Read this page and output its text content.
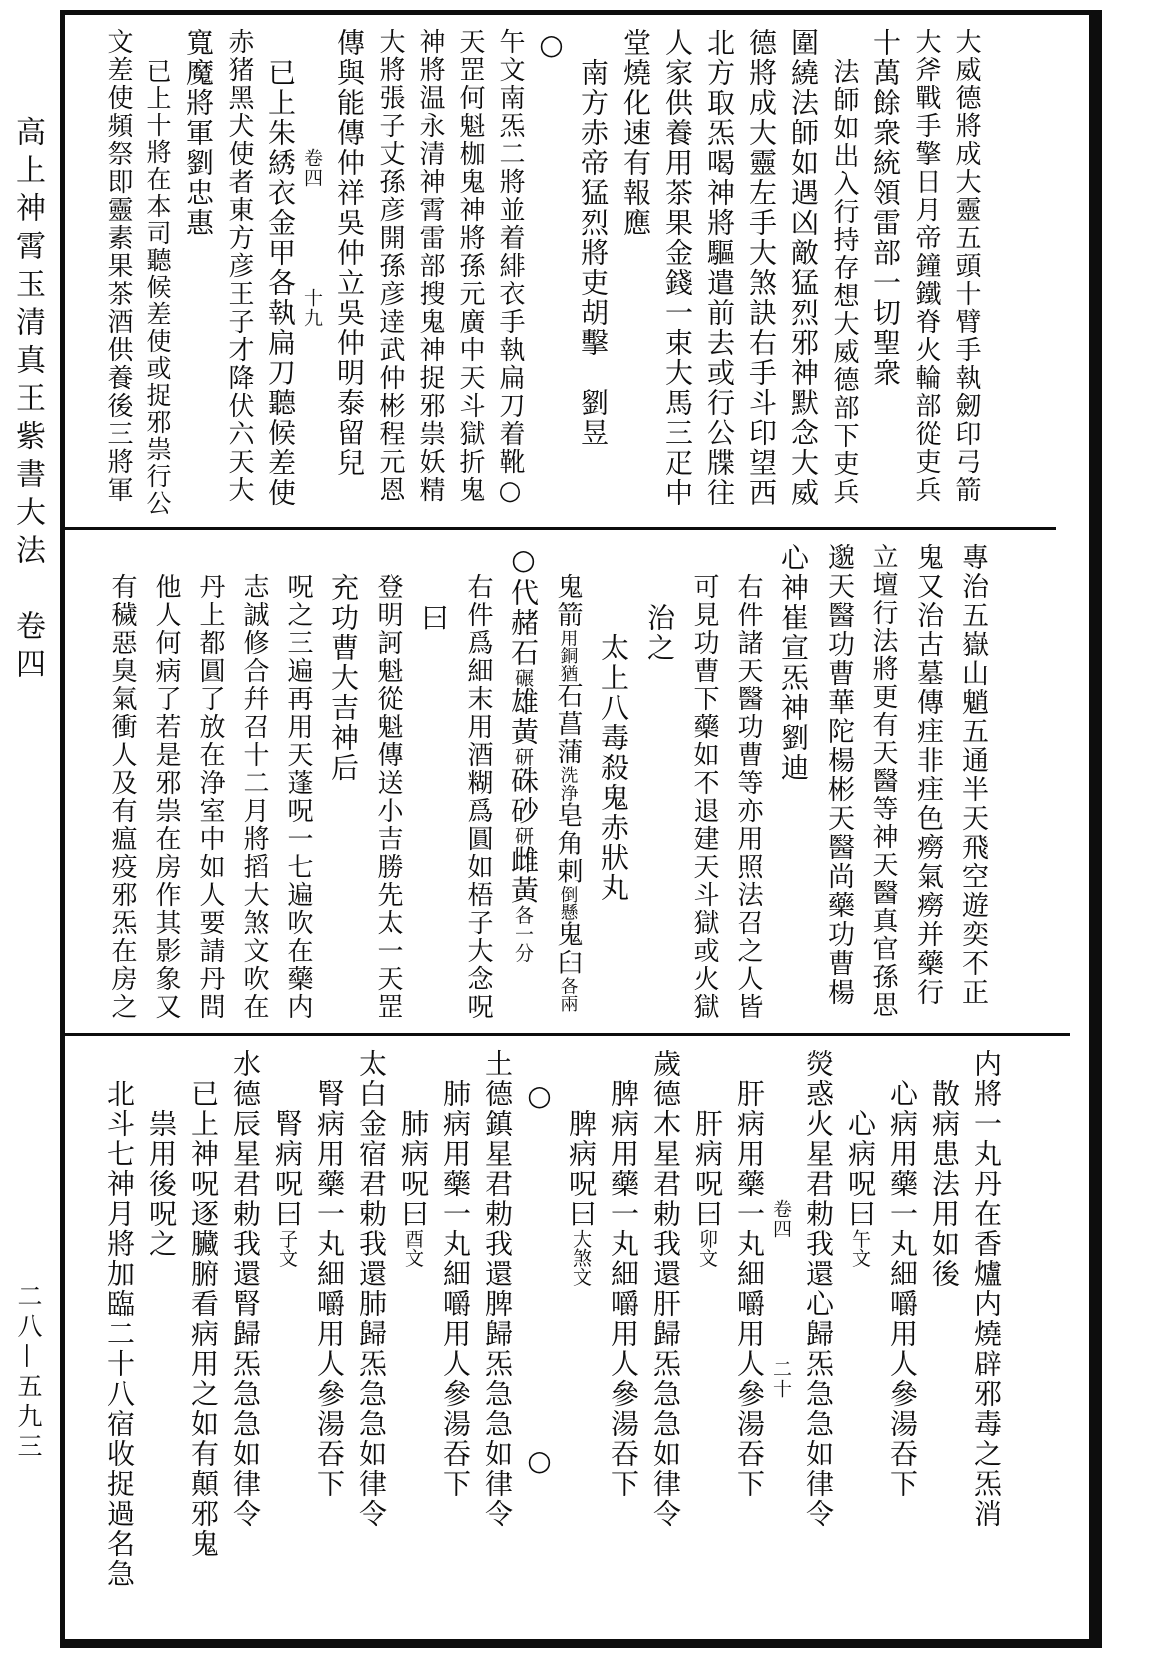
高上神霄玉清真王紫書大法　卷四
二八—五九三
大威德將成大靈五頭十臂手執劒印弓箭
大斧戰手擎日月帝鐘鐵脊火輪部從吏兵
十萬餘衆統領雷部一切聖衆
法師如出入行持存想大威德部下吏兵
圍繞法師如遇凶敵猛烈邪神默念大威
德將成大靈左手大煞訣右手斗印望西
北方取炁喝神將驅遣前去或行公牒往
人家供養用茶果金錢一束大馬三疋中
堂燒化速有報應
南方赤帝猛烈將吏胡擊　劉昱
○
午文南炁二將並着緋衣手執扁刀着靴○
天罡何魁枷鬼神將孫元廣中天斗獄折鬼
神將温永清神霄雷部搜鬼神捉邪祟妖精
大將張子丈孫彦開孫彦逹武仲彬程元恩
傳與能傳仲祥吳仲立吳仲明泰留兒
卷四　　　　　十九
已上朱綉衣金甲各執扁刀聽候差使
赤猪黑犬使者東方彦王子才降伏六天大
寬魔將軍劉忠惠
已上十將在本司聽候差使或捉邪祟行公
文差使頻祭即靈素果茶酒供養後三將軍
專治五嶽山魈五通半天飛空遊奕不正
鬼又治古墓傳疰非疰色癆氣癆并藥行
立壇行法將更有天醫等神天醫真官孫思
邈天醫功曹華陀楊彬天醫尚藥功曹楊
心神崔宣炁神劉迪
右件諸天醫功曹等亦用照法召之人皆
可見功曹下藥如不退建天斗獄或火獄
治之
太上八毒殺鬼赤狀丸
鬼箭用銅猶石菖蒲洗浄皂角剌倒懸鬼臼各兩
○代赭石碾雄黃研硃砂研雌黃各一分
右件爲細末用酒糊爲圓如梧子大念呪
曰
登明訶魁從魁傳送小吉勝先太一天罡
充功曹大吉神后
呪之三遍再用天蓬呪一七遍吹在藥内
志誠修合幷召十二月將搯大煞文吹在
丹上都圓了放在浄室中如人要請丹問
他人何病了若是邪祟在房作其影象又
有穢惡臭氣衝人及有瘟疫邪炁在房之
内將一丸丹在香爐内燒辟邪毒之炁消
散病患法用如後
心病用藥一丸細嚼用人參湯吞下
心病呪曰午文
熒惑火星君勅我還心歸炁急急如律令
卷四　　　　　　二十
肝病用藥一丸細嚼用人參湯吞下
肝病呪曰卯文
歲德木星君勅我還肝歸炁急急如律令
脾病用藥一丸細嚼用人參湯吞下
脾病呪曰大煞文
○　　　　　　　　　　　○
土德鎮星君勅我還脾歸炁急急如律令
肺病用藥一丸細嚼用人參湯吞下
肺病呪曰酉文
太白金宿君勅我還肺歸炁急急如律令
腎病用藥一丸細嚼用人參湯吞下
腎病呪曰子文
水德辰星君勅我還腎歸炁急急如律令
已上神呪逐臟腑看病用之如有顛邪鬼
祟用後呪之
北斗七神月將加臨二十八宿收捉過名急
